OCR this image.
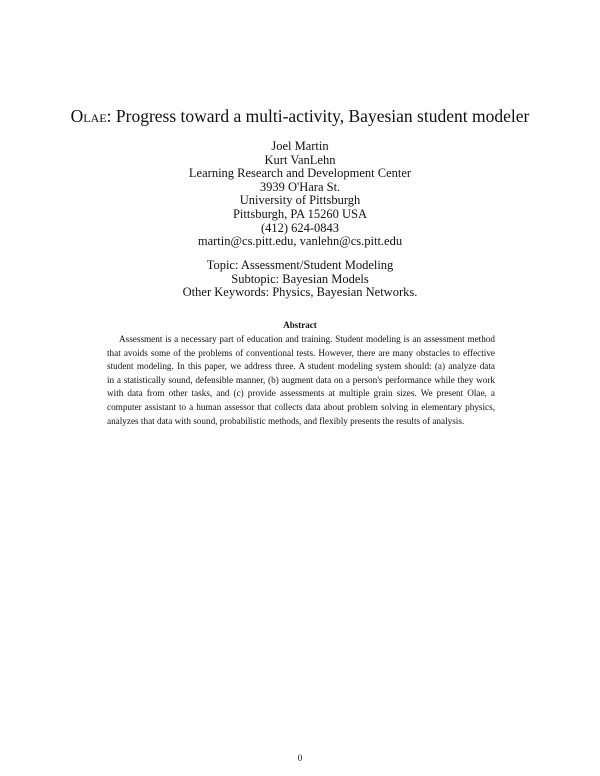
Olae: Progress toward a multi-activity, Bayesian student modeler
Joel Martin
Kurt VanLehn
Learning Research and Development Center
3939 O'Hara St.
University of Pittsburgh
Pittsburgh, PA 15260 USA
(412) 624-0843
martin@cs.pitt.edu, vanlehn@cs.pitt.edu
Topic: Assessment/Student Modeling
Subtopic: Bayesian Models
Other Keywords: Physics, Bayesian Networks.
Abstract
Assessment is a necessary part of education and training. Student modeling is an assessment method
that avoids some of the problems of conventional tests. However, there are many obstacles to effective
student modeling. In this paper, we address three. A student modeling system should: (a) analyze data
in a statistically sound, defensible manner, (b) augment data on a person's performance while they work
with data from other tasks, and (c) provide assessments at multiple grain sizes. We present Olae, a
computer assistant to a human assessor that collects data about problem solving in elementary physics,
analyzes that data with sound, probabilistic methods, and flexibly presents the results of analysis.
0
